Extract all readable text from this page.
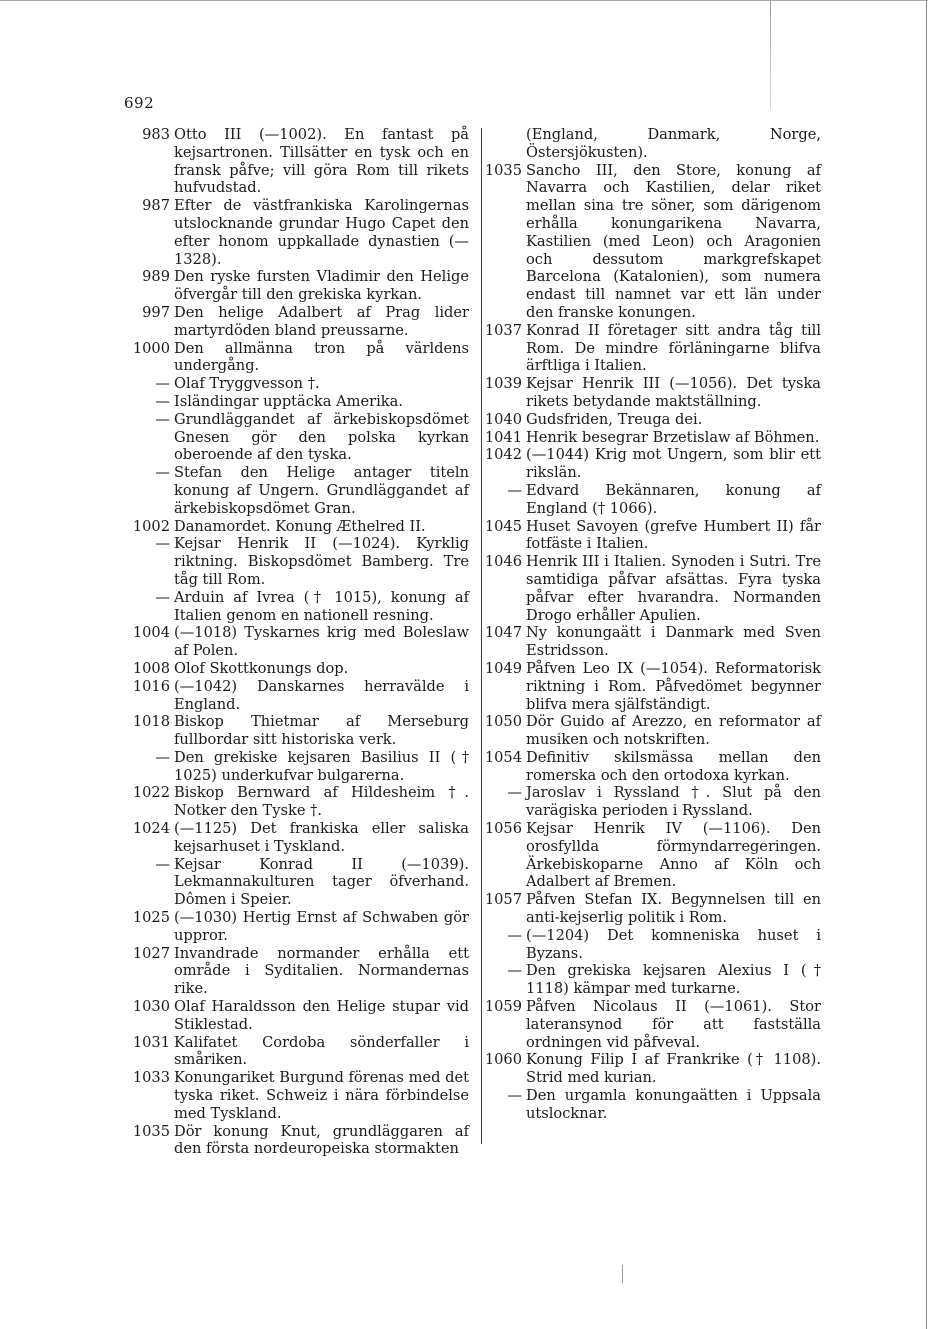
692
983 Otto III (—1002). En fantast på kejsartronen. Tillsätter en tysk och en fransk påfve; vill göra Rom till rikets hufvudstad.
987 Efter de västfrankiska Karolingernas utslocknande grundar Hugo Capet den efter honom uppkallade dynastien (—1328).
989 Den ryske fursten Vladimir den Helige öfvergår till den grekiska kyrkan.
997 Den helige Adalbert af Prag lider martyrdöden bland preussarne.
1000 Den allmänna tron på världens undergång.
— Olaf Tryggvesson †.
— Isländingar upptäcka Amerika.
— Grundläggandet af ärkebiskopsdömet Gnesen gör den polska kyrkan oberoende af den tyska.
— Stefan den Helige antager titeln konung af Ungern. Grundläggandet af ärkebiskopsdömet Gran.
1002 Danamordet. Konung Æthelred II.
— Kejsar Henrik II (—1024). Kyrklig riktning. Biskopsdömet Bamberg. Tre tåg till Rom.
— Arduin af Ivrea († 1015), konung af Italien genom en nationell resning.
1004 (—1018) Tyskarnes krig med Boleslaw af Polen.
1008 Olof Skottkonungs dop.
1016 (—1042) Danskarnes herravälde i England.
1018 Biskop Thietmar af Merseburg fullbordar sitt historiska verk.
— Den grekiske kejsaren Basilius II († 1025) underkufvar bulgarerna.
1022 Biskop Bernward af Hildesheim †. Notker den Tyske †.
1024 (—1125) Det frankiska eller saliska kejsarhuset i Tyskland.
— Kejsar Konrad II (—1039). Lekmannakulturen tager öfverhand. Dômen i Speier.
1025 (—1030) Hertig Ernst af Schwaben gör uppror.
1027 Invandrade normander erhålla ett område i Syditalien. Normandernas rike.
1030 Olaf Haraldsson den Helige stupar vid Stiklestad.
1031 Kalifatet Cordoba sönderfaller i småriken.
1033 Konungariket Burgund förenas med det tyska riket. Schweiz i nära förbindelse med Tyskland.
1035 Dör konung Knut, grundläggaren af den första nordeuropeiska stormakten
(England, Danmark, Norge, Östersjökusten).
1035 Sancho III, den Store, konung af Navarra och Kastilien, delar riket mellan sina tre söner, som därigenom erhålla konungarikena Navarra, Kastilien (med Leon) och Aragonien och dessutom markgrefskapet Barcelona (Katalonien), som numera endast till namnet var ett län under den franske konungen.
1037 Konrad II företager sitt andra tåg till Rom. De mindre förläningarne blifva ärftliga i Italien.
1039 Kejsar Henrik III (—1056). Det tyska rikets betydande maktställning.
1040 Gudsfriden, Treuga dei.
1041 Henrik besegrar Brzetislaw af Böhmen.
1042 (—1044) Krig mot Ungern, som blir ett rikslän.
— Edvard Bekännaren, konung af England († 1066).
1045 Huset Savoyen (grefve Humbert II) får fotfäste i Italien.
1046 Henrik III i Italien. Synoden i Sutri. Tre samtidiga påfvar afsättas. Fyra tyska påfvar efter hvarandra. Normanden Drogo erhåller Apulien.
1047 Ny konungaätt i Danmark med Sven Estridsson.
1049 Påfven Leo IX (—1054). Reformatorisk riktning i Rom. Påfvedömet begynner blifva mera själfständigt.
1050 Dör Guido af Arezzo, en reformator af musiken och notskriften.
1054 Definitiv skilsmässa mellan den romerska och den ortodoxa kyrkan.
— Jaroslav i Ryssland †. Slut på den varägiska perioden i Ryssland.
1056 Kejsar Henrik IV (—1106). Den orosfyllda förmyndarregeringen. Ärkebiskoparne Anno af Köln och Adalbert af Bremen.
1057 Påfven Stefan IX. Begynnelsen till en anti-kejserlig politik i Rom.
— (—1204) Det komneniska huset i Byzans.
— Den grekiska kejsaren Alexius I († 1118) kämpar med turkarne.
1059 Påfven Nicolaus II (—1061). Stor lateransynod för att fastställa ordningen vid påfveval.
1060 Konung Filip I af Frankrike († 1108). Strid med kurian.
— Den urgamla konungaätten i Uppsala utslocknar.
